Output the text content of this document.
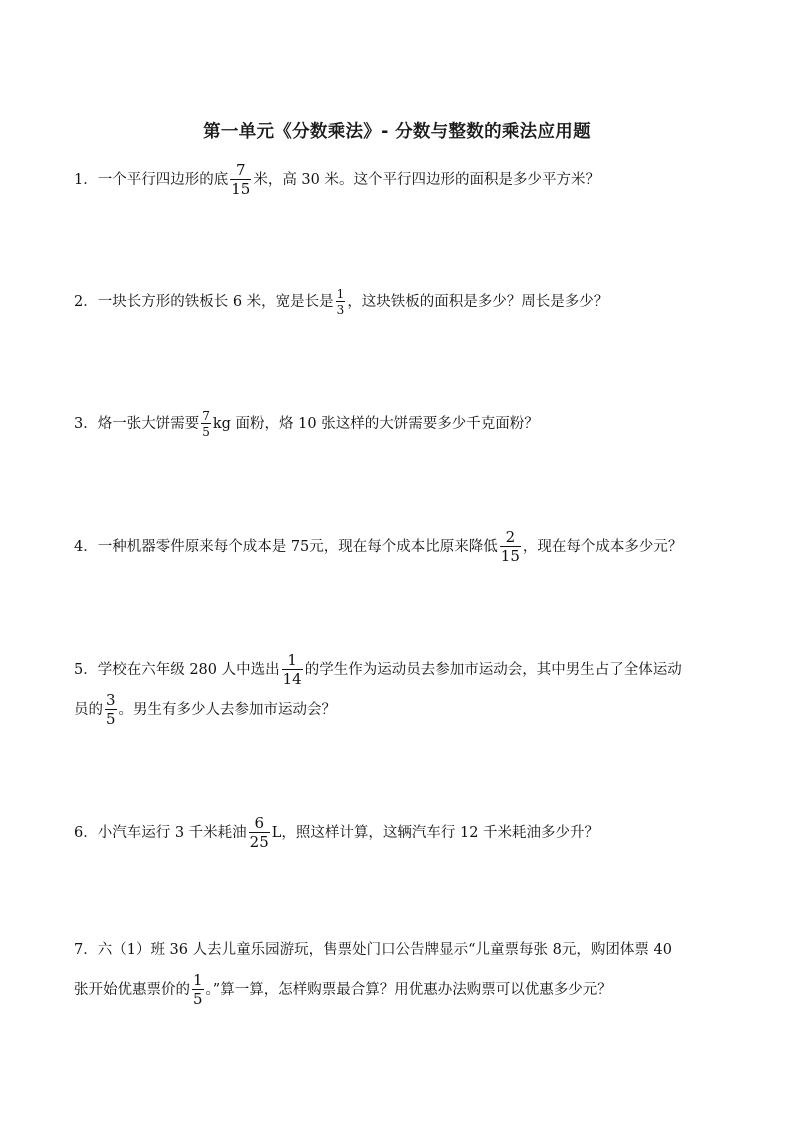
第一单元《分数乘法》- 分数与整数的乘法应用题
1．一个平行四边形的底 $\frac{7}{15}$ 米，高 30 米。这个平行四边形的面积是多少平方米？
2．一块长方形的铁板长 6 米，宽是长是 $\frac{1}{3}$ ，这块铁板的面积是多少？周长是多少？
3．烙一张大饼需要 $\frac{7}{5}$ kg 面粉，烙 10 张这样的大饼需要多少千克面粉？
4．一种机器零件原来每个成本是 75元，现在每个成本比原来降低 $\frac{2}{15}$ ，现在每个成本多少元？
5．学校在六年级 280 人中选出 $\frac{1}{14}$ 的学生作为运动员去参加市运动会，其中男生占了全体运动
员的 $\frac{3}{5}$ 。男生有多少人去参加市运动会？
6．小汽车运行 3 千米耗油 $\frac{6}{25}$ L，照这样计算，这辆汽车行 12 千米耗油多少升？
7．六（1）班 36 人去儿童乐园游玩，售票处门口公告牌显示“儿童票每张 8元，购团体票 40
张开始优惠票价的 $\frac{1}{5}$ 。”算一算，怎样购票最合算？用优惠办法购票可以优惠多少元？
